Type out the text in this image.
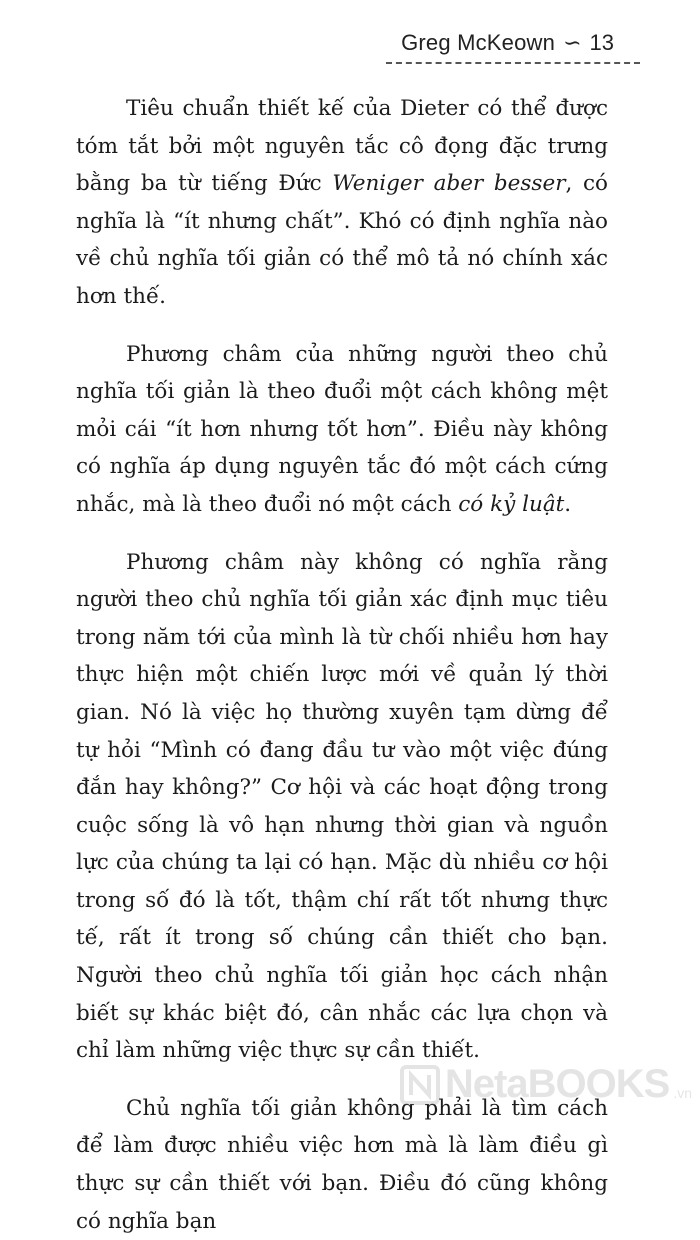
Greg McKeown ∽ 13

Tiêu chuẩn thiết kế của Dieter có thể được tóm tắt bởi một nguyên tắc cô đọng đặc trưng bằng ba từ tiếng Đức Weniger aber besser, có nghĩa là “ít nhưng chất”. Khó có định nghĩa nào về chủ nghĩa tối giản có thể mô tả nó chính xác hơn thế.

Phương châm của những người theo chủ nghĩa tối giản là theo đuổi một cách không mệt mỏi cái “ít hơn nhưng tốt hơn”. Điều này không có nghĩa áp dụng nguyên tắc đó một cách cứng nhắc, mà là theo đuổi nó một cách có kỷ luật.

Phương châm này không có nghĩa rằng người theo chủ nghĩa tối giản xác định mục tiêu trong năm tới của mình là từ chối nhiều hơn hay thực hiện một chiến lược mới về quản lý thời gian. Nó là việc họ thường xuyên tạm dừng để tự hỏi “Mình có đang đầu tư vào một việc đúng đắn hay không?” Cơ hội và các hoạt động trong cuộc sống là vô hạn nhưng thời gian và nguồn lực của chúng ta lại có hạn. Mặc dù nhiều cơ hội trong số đó là tốt, thậm chí rất tốt nhưng thực tế, rất ít trong số chúng cần thiết cho bạn. Người theo chủ nghĩa tối giản học cách nhận biết sự khác biệt đó, cân nhắc các lựa chọn và chỉ làm những việc thực sự cần thiết.

Chủ nghĩa tối giản không phải là tìm cách để làm được nhiều việc hơn mà là làm điều gì thực sự cần thiết với bạn. Điều đó cũng không có nghĩa bạn

NetaBOOKS .vn
